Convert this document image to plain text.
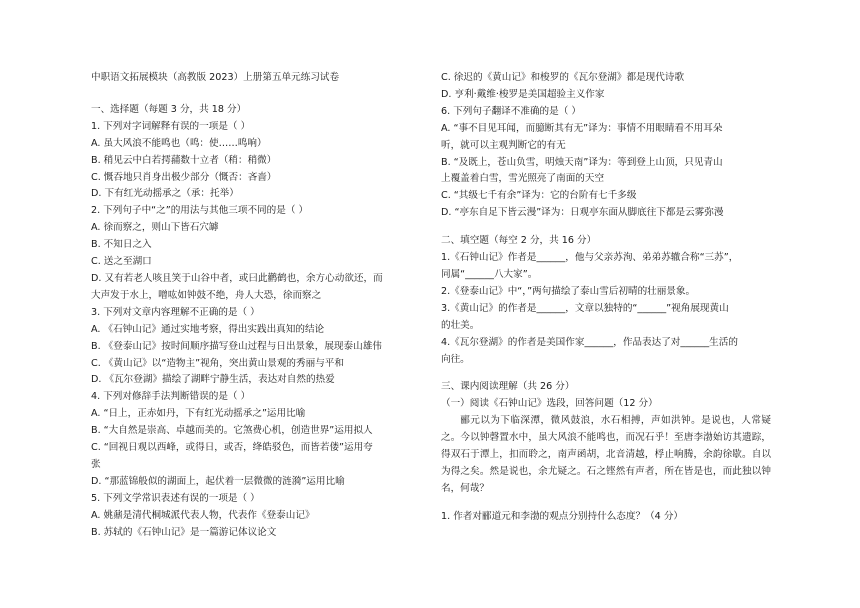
中职语文拓展模块（高教版 2023）上册第五单元练习试卷
一、选择题（每题 3 分，共 18 分）
1. 下列对字词解释有误的一项是（ ）
A. 虽大风浪不能鸣也（鸣：使……鸣响）
B. 稍见云中白若摴蒱数十立者（稍：稍微）
C. 慨吞地只肖身出极少部分（慨否：吝啬）
D. 下有红光动摇承之（承：托举）
2. 下列句子中“之”的用法与其他三项不同的是（ ）
A. 徐而察之，则山下皆石穴罅
B. 不知日之入
C. 送之至湖口
D. 又有若老人咳且笑于山谷中者，或曰此鹳鹤也，余方心动欲还，而
大声发于水上，噌吰如钟鼓不绝，舟人大恐，徐而察之
3. 下列对文章内容理解不正确的是（ ）
A. 《石钟山记》通过实地考察，得出实践出真知的结论
B. 《登泰山记》按时间顺序描写登山过程与日出景象，展现泰山雄伟
C. 《黄山记》以“造物主”视角，突出黄山景观的秀丽与平和
D. 《瓦尔登湖》描绘了湖畔宁静生活，表达对自然的热爱
4. 下列对修辞手法判断错误的是（ ）
A. “日上，正赤如丹，下有红光动摇承之”运用比喻
B. “大自然是崇高、卓越而美的。它煞费心机，创造世界”运用拟人
C. “回视日观以西峰，或得日，或否，绛皓驳色，而皆若偻”运用夸
张
D. “那蓝锦般似的湖面上，起伏着一层微微的涟漪”运用比喻
5. 下列文学常识表述有误的一项是（ ）
A. 姚鼐是清代桐城派代表人物，代表作《登泰山记》
B. 苏轼的《石钟山记》是一篇游记体议论文
C. 徐迟的《黄山记》和梭罗的《瓦尔登湖》都是现代诗歌
D. 亨利·戴维·梭罗是美国超验主义作家
6. 下列句子翻译不准确的是（ ）
A. “事不目见耳闻，而臆断其有无”译为：事情不用眼睛看不用耳朵
听，就可以主观判断它的有无
B. “及既上，苍山负雪，明烛天南”译为：等到登上山顶，只见青山
上覆盖着白雪，雪光照亮了南面的天空
C. “其级七千有余”译为：它的台阶有七千多级
D. “亭东自足下皆云漫”译为：日观亭东面从脚底往下都是云雾弥漫
二、填空题（每空 2 分，共 16 分）
1.《石钟山记》作者是______，他与父亲苏洵、弟弟苏辙合称“三苏”，
同属“______八大家”。
2.《登泰山记》中“，”两句描绘了泰山雪后初晴的壮丽景象。
3.《黄山记》的作者是______，文章以独特的“______”视角展现黄山
的壮美。
4.《瓦尔登湖》的作者是美国作家______，作品表达了对______生活的
向往。
三、课内阅读理解（共 26 分）
（一）阅读《石钟山记》选段，回答问题（12 分）
郦元以为下临深潭，微风鼓浪，水石相搏，声如洪钟。是说也，人常疑之。今以钟磬置水中，虽大风浪不能鸣也，而况石乎！至唐李渤始访其遗踪，得双石于潭上，扣而聆之，南声函胡，北音清越，桴止响腾，余韵徐歇。自以为得之矣。然是说也，余尤疑之。石之铿然有声者，所在皆是也，而此独以钟名，何哉？
1. 作者对郦道元和李渤的观点分别持什么态度？（4 分）
